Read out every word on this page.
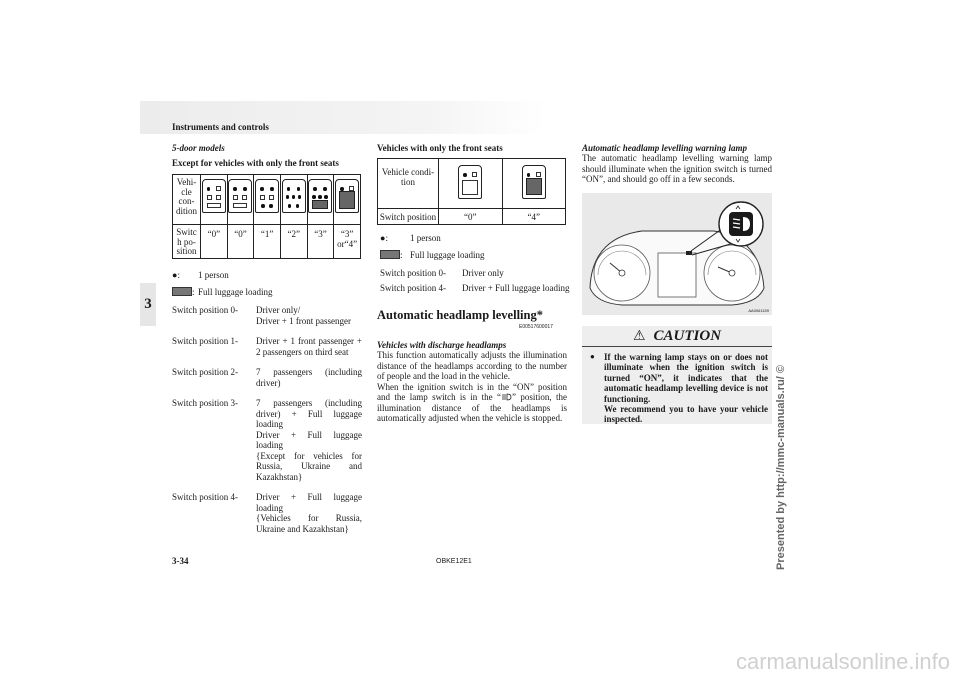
Instruments and controls
3
5-door models
Except for vehicles with only the front seats
Vehi-
cle
con-
dition	

Switc
h po-
sition	“0”	“0”	“1”	“2”	“3”	“3”
or“4”
●:	1 person
: Full luggage loading
Switch position 0-	Driver only/
Driver + 1 front passenger
Switch position 1-	Driver + 1 front passenger + 2 passengers on third seat
Switch position 2-	7 passengers (including driver)
Switch position 3-	7 passengers (including driver) + Full luggage loading
Driver + Full luggage loading
{Except for vehicles for Russia, Ukraine and Kazakhstan}
Switch position 4-	Driver + Full luggage loading
{Vehicles for Russia, Ukraine and Kazakhstan}
Vehicles with only the front seats
Vehicle condi-
tion	

Switch position	“0”	“4”
●:	1 person
: Full luggage loading
Switch position 0-	Driver only
Switch position 4-	Driver + Full luggage loading
Automatic headlamp levelling*
E00517600017
Vehicles with discharge headlamps
This function automatically adjusts the illumination distance of the headlamps according to the number of people and the load in the vehicle.
When the ignition switch is in the “ON” position and the lamp switch is in the “ ” position, the illumination distance of the headlamps is automatically adjusted when the vehicle is stopped.
Automatic headlamp levelling warning lamp
The automatic headlamp levelling warning lamp should illuminate when the ignition switch is turned “ON”, and should go off in a few seconds.
AA0061159
⚠ CAUTION
●	If the warning lamp stays on or does not illuminate when the ignition switch is turned “ON”, it indicates that the automatic headlamp levelling device is not functioning.
We recommend you to have your vehicle inspected.
3-34	OBKE12E1	Presented by http://mmc-manuals.ru/ ©
carmanualsonline.info
